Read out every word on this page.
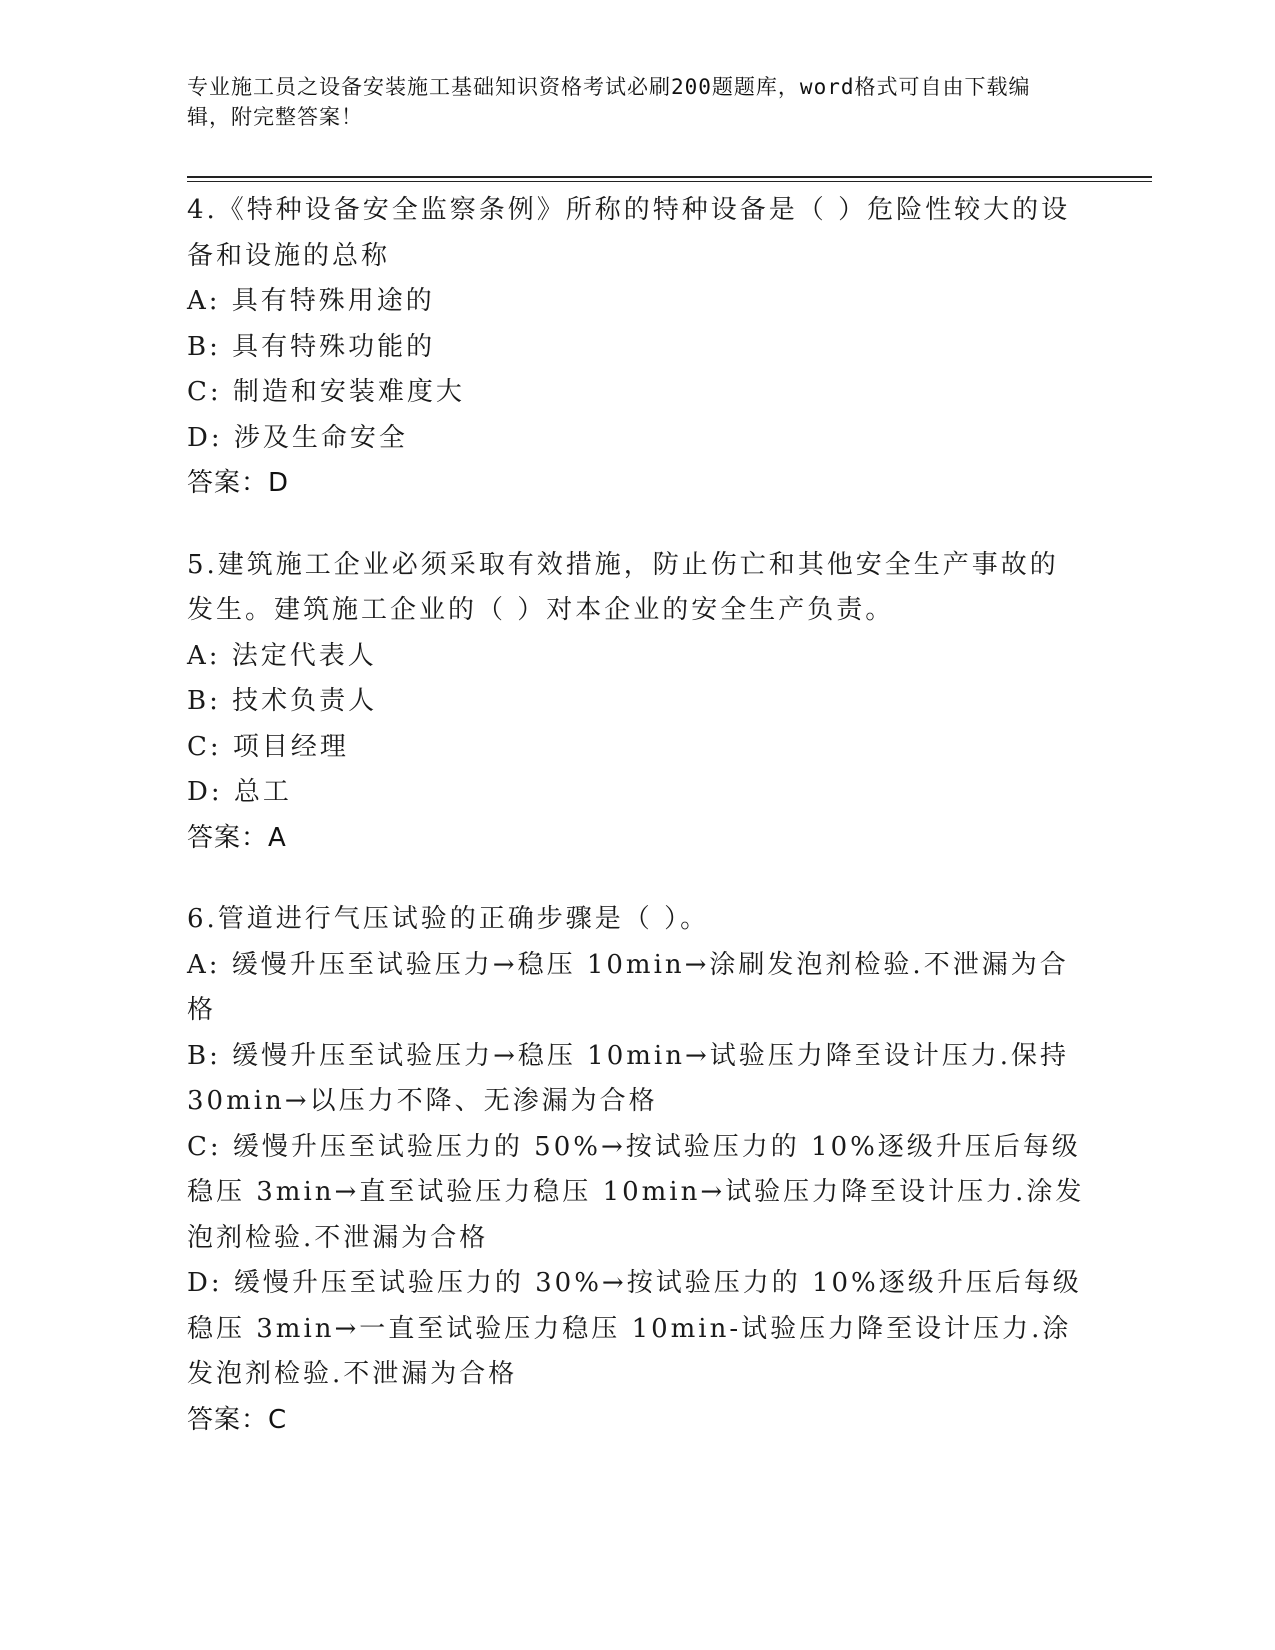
专业施工员之设备安装施工基础知识资格考试必刷200题题库，word格式可自由下载编辑，附完整答案！
4.《特种设备安全监察条例》所称的特种设备是（ ）危险性较大的设备和设施的总称
A: 具有特殊用途的
B: 具有特殊功能的
C: 制造和安装难度大
D: 涉及生命安全
答案：D
5.建筑施工企业必须采取有效措施，防止伤亡和其他安全生产事故的发生。建筑施工企业的（ ）对本企业的安全生产负责。
A: 法定代表人
B: 技术负责人
C: 项目经理
D: 总工
答案：A
6.管道进行气压试验的正确步骤是（ ）。
A: 缓慢升压至试验压力→稳压 10min→涂刷发泡剂检验.不泄漏为合格
B: 缓慢升压至试验压力→稳压 10min→试验压力降至设计压力.保持30min→以压力不降、无渗漏为合格
C: 缓慢升压至试验压力的 50%→按试验压力的 10%逐级升压后每级稳压 3min→直至试验压力稳压 10min→试验压力降至设计压力.涂发泡剂检验.不泄漏为合格
D: 缓慢升压至试验压力的 30%→按试验压力的 10%逐级升压后每级稳压 3min→一直至试验压力稳压 10min-试验压力降至设计压力.涂发泡剂检验.不泄漏为合格
答案：C
